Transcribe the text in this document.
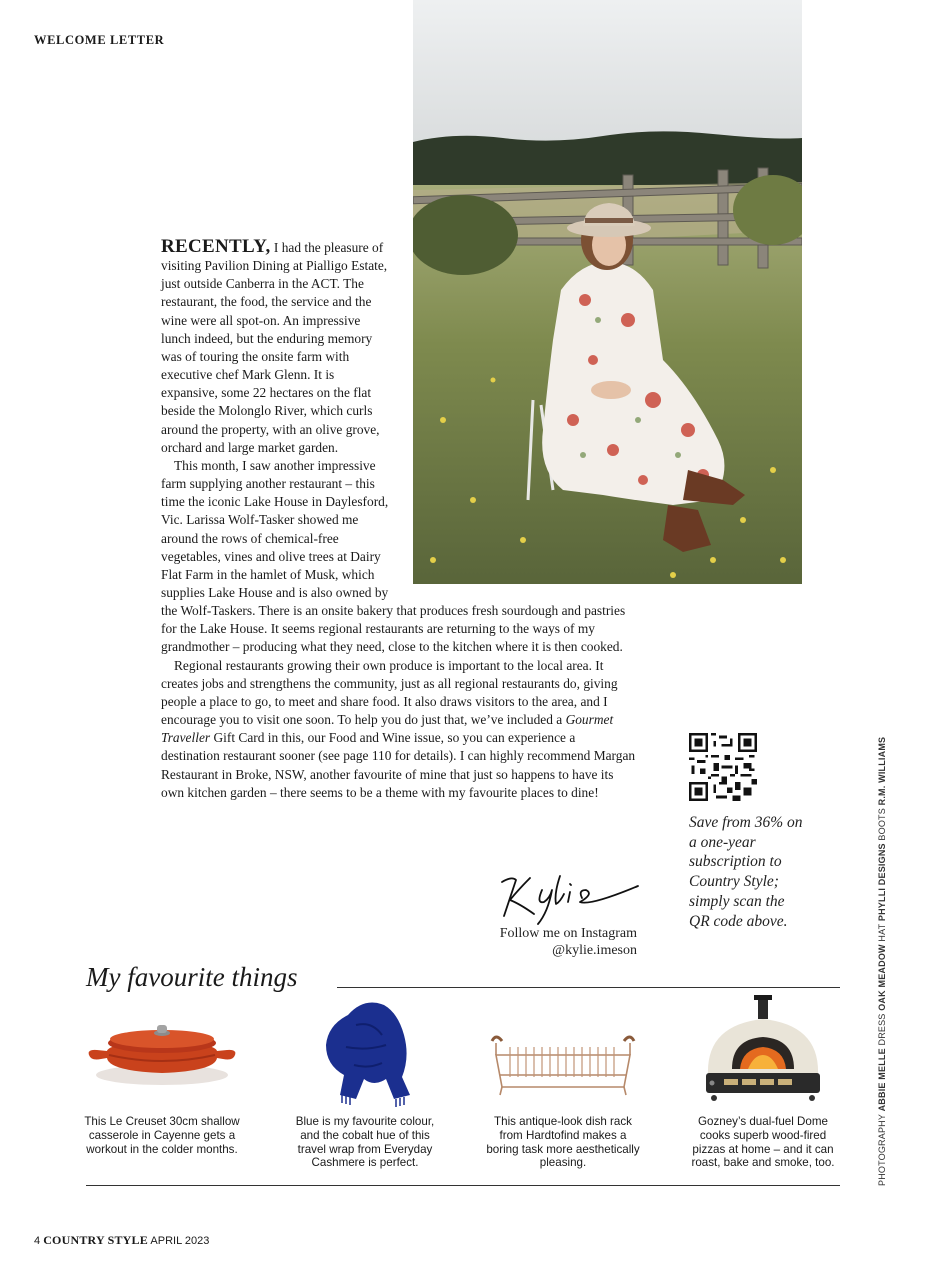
WELCOME LETTER

RECENTLY, I had the pleasure of visiting Pavilion Dining at Pialligo Estate, just outside Canberra in the ACT. The restaurant, the food, the service and the wine were all spot-on. An impressive lunch indeed, but the enduring memory was of touring the onsite farm with executive chef Mark Glenn. It is expansive, some 22 hectares on the flat beside the Molonglo River, which curls around the property, with an olive grove, orchard and large market garden.

This month, I saw another impressive farm supplying another restaurant – this time the iconic Lake House in Daylesford, Vic. Larissa Wolf-Tasker showed me around the rows of chemical-free vegetables, vines and olive trees at Dairy Flat Farm in the hamlet of Musk, which supplies Lake House and is also owned by the Wolf-Taskers. There is an onsite bakery that produces fresh sourdough and pastries for the Lake House. It seems regional restaurants are returning to the ways of my grandmother – producing what they need, close to the kitchen where it is then cooked.

Regional restaurants growing their own produce is important to the local area. It creates jobs and strengthens the community, just as all regional restaurants do, giving people a place to go, to meet and share food. It also draws visitors to the area, and I encourage you to visit one soon. To help you do just that, we’ve included a Gourmet Traveller Gift Card in this, our Food and Wine issue, so you can experience a destination restaurant sooner (see page 110 for details). I can highly recommend Margan Restaurant in Broke, NSW, another favourite of mine that just so happens to have its own kitchen garden – there seems to be a theme with my favourite places to dine!

Follow me on Instagram
@kylie.imeson
Save from 36% on a one-year subscription to Country Style; simply scan the QR code above.
PHOTOGRAPHY ABBIE MELLE DRESS OAK MEADOW HAT PHYLLI DESIGNS BOOTS R.M. WILLIAMS
My favourite things
This Le Creuset 30cm shallow casserole in Cayenne gets a workout in the colder months.
Blue is my favourite colour, and the cobalt hue of this travel wrap from Everyday Cashmere is perfect.
This antique-look dish rack from Hardtofind makes a boring task more aesthetically pleasing.
Gozney’s dual-fuel Dome cooks superb wood-fired pizzas at home – and it can roast, bake and smoke, too.
4 COUNTRY STYLE APRIL 2023
